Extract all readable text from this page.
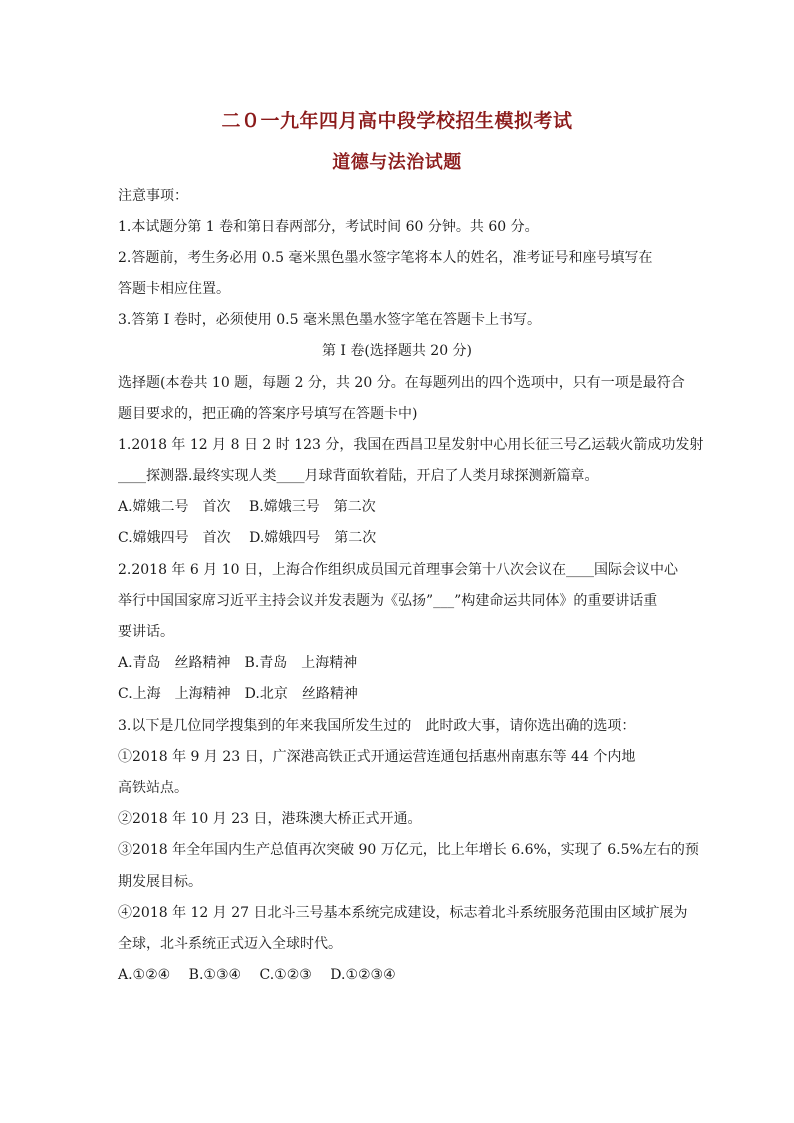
二０一九年四月高中段学校招生模拟考试
道德与法治试题
注意事项：
1.本试题分第 1 卷和第日春两部分，考试时间 60 分钟。共 60 分。
2.答题前，考生务必用 0.5 毫米黑色墨水签字笔将本人的姓名，准考证号和座号填写在
答题卡相应住置。
3.答第 I 卷时，必须使用 0.5 毫米黑色墨水签字笔在答题卡上书写。
第 I 卷(选择题共 20 分)
选择题(本卷共 10 题，每题 2 分，共 20 分。在每题列出的四个选项中，只有一项是最符合
题目要求的，把正确的答案序号填写在答题卡中)
1.2018 年 12 月 8 日 2 时 123 分，我国在西昌卫星发射中心用长征三号乙运载火箭成功发射
____探测器.最终实现人类____月球背面软着陆，开启了人类月球探测新篇章。
A.嫦娥二号　首次　 B.嫦娥三号　第二次
C.嫦娥四号　首次　 D.嫦娥四号　第二次
2.2018 年 6 月 10 日，上海合作组织成员国元首理事会第十八次会议在____国际会议中心
举行中国国家席习近平主持会议并发表题为《弘扬”___”构建命运共同体》的重要讲话重
要讲话。
A.青岛　丝路精神　B.青岛　上海精神
C.上海　上海精神　D.北京　丝路精神
3.以下是几位同学搜集到的年来我国所发生过的　此时政大事，请你选出确的选项：
①2018 年 9 月 23 日，广深港高铁正式开通运营连通包括惠州南惠东等 44 个内地
高铁站点。
②2018 年 10 月 23 日，港珠澳大桥正式开通。
③2018 年全年国内生产总值再次突破 90 万亿元，比上年增长 6.6%，实现了 6.5%左右的预
期发展目标。
④2018 年 12 月 27 日北斗三号基本系统完成建设，标志着北斗系统服务范围由区域扩展为
全球，北斗系统正式迈入全球时代。
A.①②④　 B.①③④　 C.①②③　 D.①②③④
